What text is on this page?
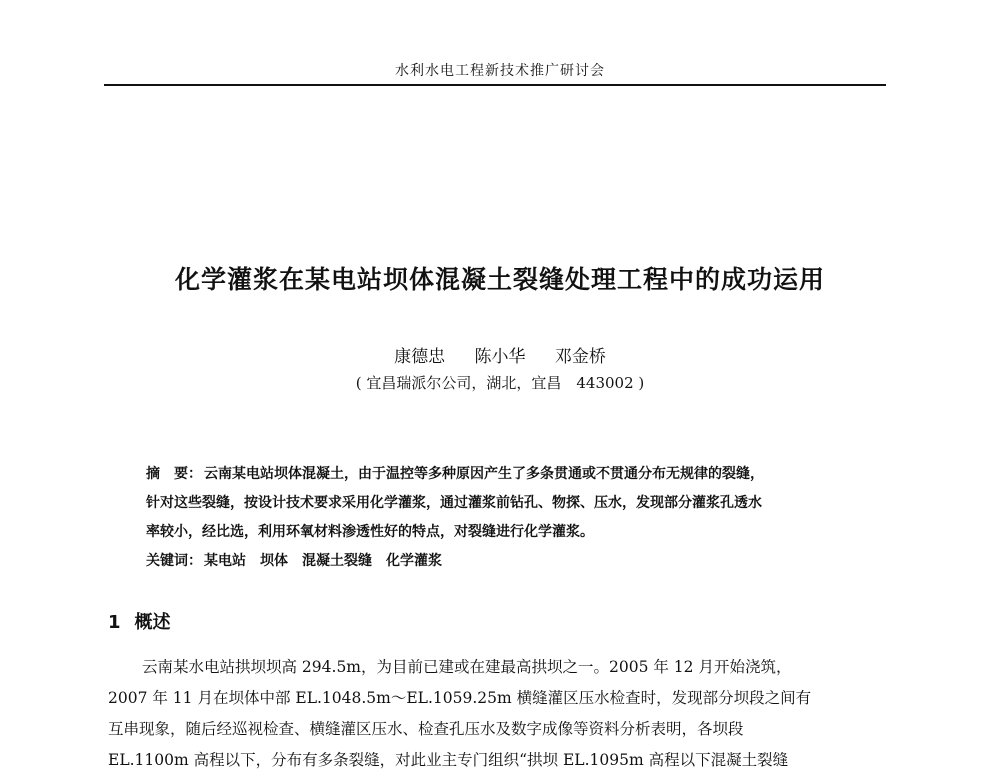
水利水电工程新技术推广研讨会
化学灌浆在某电站坝体混凝土裂缝处理工程中的成功运用
康德忠 陈小华 邓金桥
( 宜昌瑞派尔公司，湖北，宜昌　443002 )
摘　要： 云南某电站坝体混凝土，由于温控等多种原因产生了多条贯通或不贯通分布无规律的裂缝，
针对这些裂缝，按设计技术要求采用化学灌浆，通过灌浆前钻孔、物探、压水，发现部分灌浆孔透水
率较小，经比选，利用环氧材料渗透性好的特点，对裂缝进行化学灌浆。
关键词： 某电站 坝体 混凝土裂缝 化学灌浆
1 概述
云南某水电站拱坝坝高 294.5m，为目前已建或在建最高拱坝之一。2005 年 12 月开始浇筑，
2007 年 11 月在坝体中部 EL.1048.5m～EL.1059.25m 横缝灌区压水检查时，发现部分坝段之间有
互串现象，随后经巡视检查、横缝灌区压水、检查孔压水及数字成像等资料分析表明，各坝段
EL.1100m 高程以下，分布有多条裂缝，对此业主专门组织“拱坝 EL.1095m 高程以下混凝土裂缝
